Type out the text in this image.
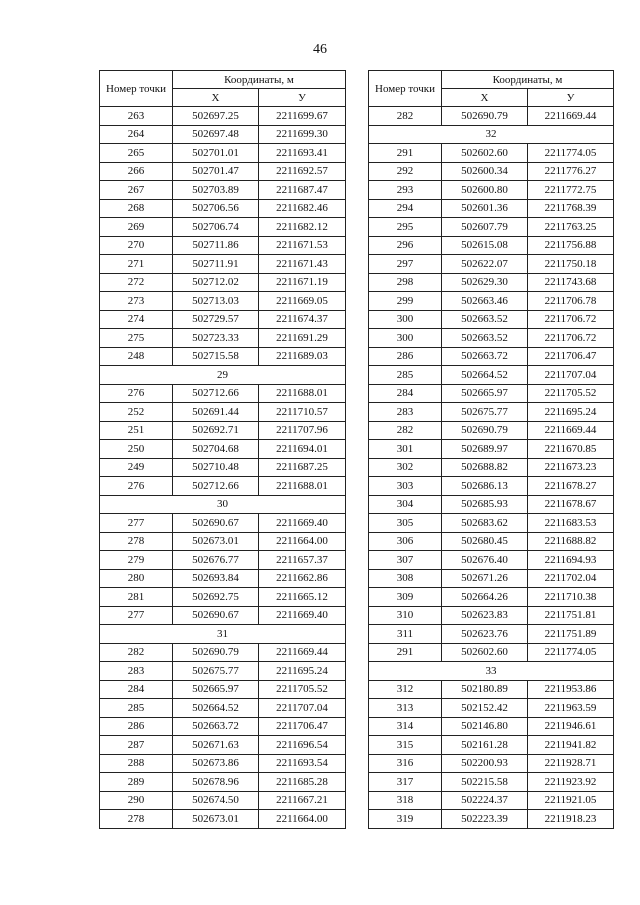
46
Номер точки	Координаты, м	
	X	У
263	502697.25	2211699.67
264	502697.48	2211699.30
265	502701.01	2211693.41
266	502701.47	2211692.57
267	502703.89	2211687.47
268	502706.56	2211682.46
269	502706.74	2211682.12
270	502711.86	2211671.53
271	502711.91	2211671.43
272	502712.02	2211671.19
273	502713.03	2211669.05
274	502729.57	2211674.37
275	502723.33	2211691.29
248	502715.58	2211689.03
29		
276	502712.66	2211688.01
252	502691.44	2211710.57
251	502692.71	2211707.96
250	502704.68	2211694.01
249	502710.48	2211687.25
276	502712.66	2211688.01
30		
277	502690.67	2211669.40
278	502673.01	2211664.00
279	502676.77	2211657.37
280	502693.84	2211662.86
281	502692.75	2211665.12
277	502690.67	2211669.40
31		
282	502690.79	2211669.44
283	502675.77	2211695.24
284	502665.97	2211705.52
285	502664.52	2211707.04
286	502663.72	2211706.47
287	502671.63	2211696.54
288	502673.86	2211693.54
289	502678.96	2211685.28
290	502674.50	2211667.21
278	502673.01	2211664.00
Номер точки	Координаты, м	
	X	У
282	502690.79	2211669.44
32		
291	502602.60	2211774.05
292	502600.34	2211776.27
293	502600.80	2211772.75
294	502601.36	2211768.39
295	502607.79	2211763.25
296	502615.08	2211756.88
297	502622.07	2211750.18
298	502629.30	2211743.68
299	502663.46	2211706.78
300	502663.52	2211706.72
300	502663.52	2211706.72
286	502663.72	2211706.47
285	502664.52	2211707.04
284	502665.97	2211705.52
283	502675.77	2211695.24
282	502690.79	2211669.44
301	502689.97	2211670.85
302	502688.82	2211673.23
303	502686.13	2211678.27
304	502685.93	2211678.67
305	502683.62	2211683.53
306	502680.45	2211688.82
307	502676.40	2211694.93
308	502671.26	2211702.04
309	502664.26	2211710.38
310	502623.83	2211751.81
311	502623.76	2211751.89
291	502602.60	2211774.05
33		
312	502180.89	2211953.86
313	502152.42	2211963.59
314	502146.80	2211946.61
315	502161.28	2211941.82
316	502200.93	2211928.71
317	502215.58	2211923.92
318	502224.37	2211921.05
319	502223.39	2211918.23
